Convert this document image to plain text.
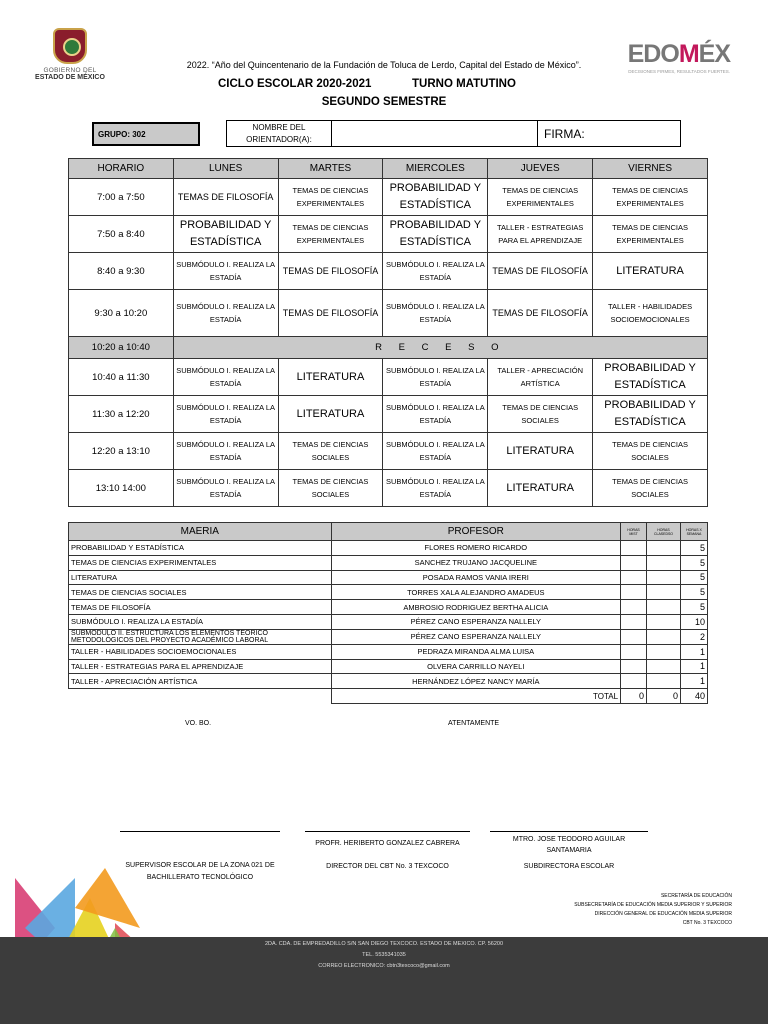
GOBIERNO DEL
ESTADO DE MÉXICO
EDOMÉX
DECISIONES FIRMES, RESULTADOS FUERTES.
2022. “Año del Quincentenario de la Fundación de Toluca de Lerdo, Capital del Estado de México”.
CICLO ESCOLAR 2020-2021	TURNO MATUTINO
SEGUNDO SEMESTRE
GRUPO: 302
NOMBRE DEL ORIENTADOR(A):	FIRMA:
HORARIO	LUNES	MARTES	MIERCOLES	JUEVES	VIERNES
7:00 a 7:50	TEMAS DE FILOSOFÍA	TEMAS DE CIENCIAS EXPERIMENTALES	PROBABILIDAD Y ESTADÍSTICA	TEMAS DE CIENCIAS EXPERIMENTALES	TEMAS DE CIENCIAS EXPERIMENTALES
7:50 a 8:40	PROBABILIDAD Y ESTADÍSTICA	TEMAS DE CIENCIAS EXPERIMENTALES	PROBABILIDAD Y ESTADÍSTICA	TALLER - ESTRATEGIAS PARA EL APRENDIZAJE	TEMAS DE CIENCIAS EXPERIMENTALES
8:40 a 9:30	SUBMÓDULO I. REALIZA LA ESTADÍA	TEMAS DE FILOSOFÍA	SUBMÓDULO I. REALIZA LA ESTADÍA	TEMAS DE FILOSOFÍA	LITERATURA
9:30 a 10:20	SUBMÓDULO I. REALIZA LA ESTADÍA	TEMAS DE FILOSOFÍA	SUBMÓDULO I. REALIZA LA ESTADÍA	TEMAS DE FILOSOFÍA	TALLER - HABILIDADES SOCIOEMOCIONALES
10:20 a 10:40	R E C E S O				
10:40 a 11:30	SUBMÓDULO I. REALIZA LA ESTADÍA	LITERATURA	SUBMÓDULO I. REALIZA LA ESTADÍA	TALLER - APRECIACIÓN ARTÍSTICA	PROBABILIDAD Y ESTADÍSTICA
11:30 a 12:20	SUBMÓDULO I. REALIZA LA ESTADÍA	LITERATURA	SUBMÓDULO I. REALIZA LA ESTADÍA	TEMAS DE CIENCIAS SOCIALES	PROBABILIDAD Y ESTADÍSTICA
12:20 a 13:10	SUBMÓDULO I. REALIZA LA ESTADÍA	TEMAS DE CIENCIAS SOCIALES	SUBMÓDULO I. REALIZA LA ESTADÍA	LITERATURA	TEMAS DE CIENCIAS SOCIALES
13:10 14:00	SUBMÓDULO I. REALIZA LA ESTADÍA	TEMAS DE CIENCIAS SOCIALES	SUBMÓDULO I. REALIZA LA ESTADÍA	LITERATURA	TEMAS DE CIENCIAS SOCIALES
MAERIA	PROFESOR	HORAS MIST	HORAS CLASEDSO	HORAS X SEMANA
PROBABILIDAD Y ESTADÍSTICA	FLORES ROMERO RICARDO			5
TEMAS DE CIENCIAS EXPERIMENTALES	SANCHEZ TRUJANO JACQUELINE			5
LITERATURA	POSADA RAMOS VANIA IRERI			5
TEMAS DE CIENCIAS SOCIALES	TORRES XALA ALEJANDRO AMADEUS			5
TEMAS DE FILOSOFÍA	AMBROSIO RODRIGUEZ BERTHA ALICIA			5
SUBMÓDULO I. REALIZA LA ESTADÍA	PÉREZ CANO ESPERANZA NALLELY			10

SUBMÓDULO II. ESTRUCTURA LOS ELEMENTOS TEÓRICO METODOLÓGICOS DEL PROYECTO ACADÉMICO LABORAL	PÉREZ CANO ESPERANZA NALLELY			2
TALLER - HABILIDADES SOCIOEMOCIONALES	PEDRAZA MIRANDA ALMA LUISA			1
TALLER - ESTRATEGIAS PARA EL APRENDIZAJE	OLVERA CARRILLO NAYELI			1
TALLER - APRECIACIÓN ARTÍSTICA	HERNÁNDEZ LÓPEZ NANCY MARÍA			1
	TOTAL	0	0	40
VO. BO.	ATENTAMENTE
PROFR. HERIBERTO GONZALEZ CABRERA
MTRO. JOSE TEODORO AGUILAR SANTAMARIA
SUPERVISOR ESCOLAR DE LA ZONA 021 DE BACHILLERATO TECNOLÓGICO
DIRECTOR DEL CBT No. 3 TEXCOCO	SUBDIRECTORA ESCOLAR
SECRETARÍA DE EDUCACIÓN
SUBSECRETARÍA DE EDUCACIÓN MEDIA SUPERIOR Y SUPERIOR
DIRECCIÓN GENERAL DE EDUCACIÓN MEDIA SUPERIOR
CBT No. 3 TEXCOCO
2DA. CDA. DE EMPREDADILLO S/N SAN DIEGO TEXCOCO. ESTADO DE MEXICO. CP. 56200
TEL. 5535341035
CORREO ELECTRONICO: cbtn3texcoco@gmail.com
